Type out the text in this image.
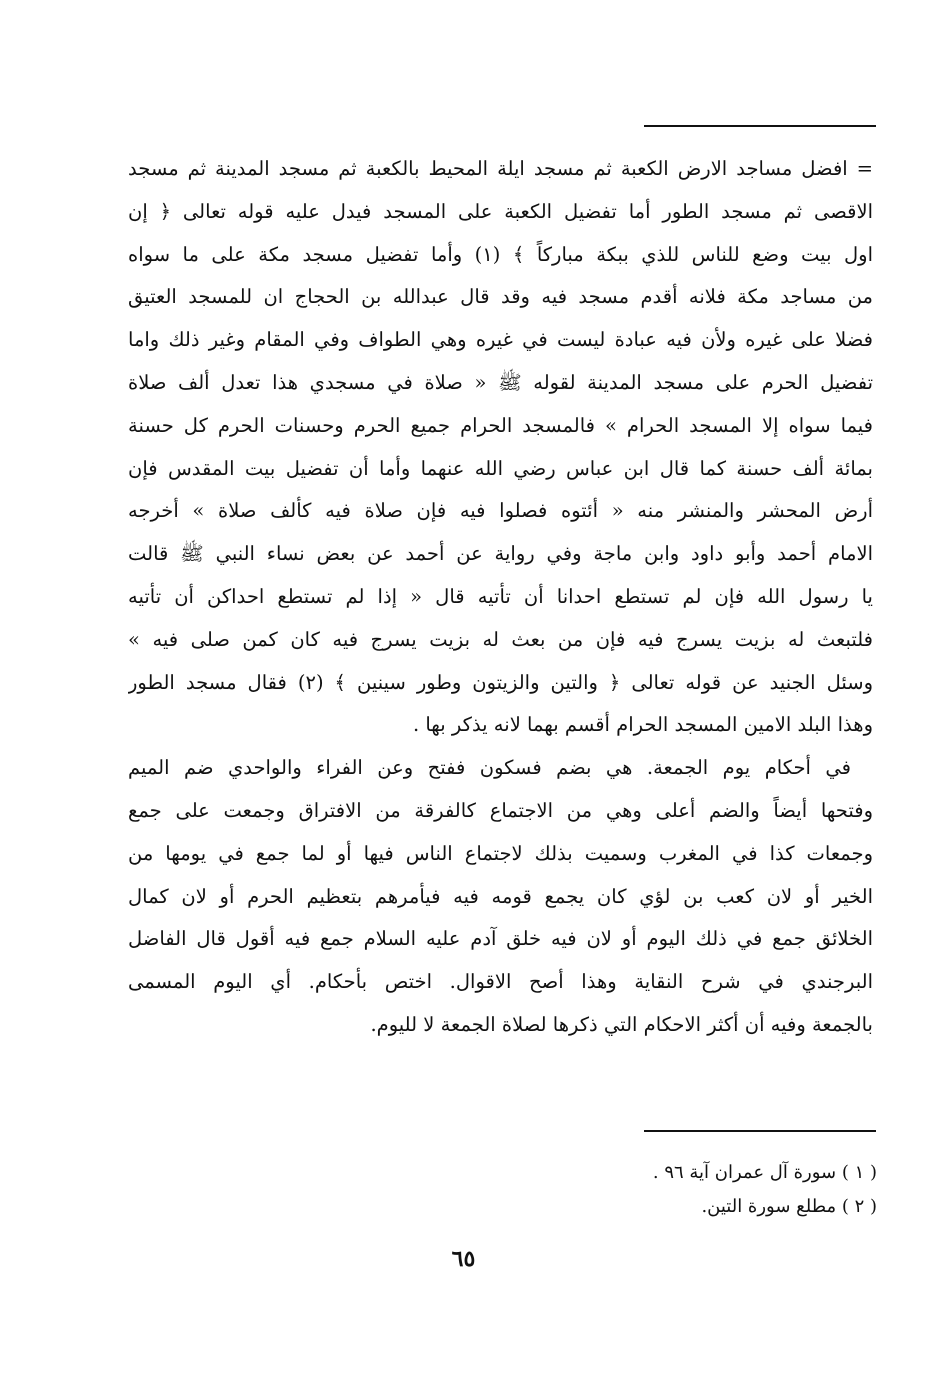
= افضل مساجد الارض الكعبة ثم مسجد ايلة المحيط بالكعبة ثم مسجد المدينة ثم مسجد
الاقصى ثم مسجد الطور أما تفضيل الكعبة على المسجد فيدل عليه قوله تعالى ﴿ إن
اول بيت وضع للناس للذي ببكة مباركاً ﴾ (١) وأما تفضيل مسجد مكة على ما سواه
من مساجد مكة فلانه أقدم مسجد فيه وقد قال عبدالله بن الحجاج ان للمسجد العتيق
فضلا على غيره ولأن فيه عبادة ليست في غيره وهي الطواف وفي المقام وغير ذلك واما
تفضيل الحرم على مسجد المدينة لقوله ﷺ « صلاة في مسجدي هذا تعدل ألف صلاة
فيما سواه إلا المسجد الحرام » فالمسجد الحرام جميع الحرم وحسنات الحرم كل حسنة
بمائة ألف حسنة كما قال ابن عباس رضي الله عنهما وأما أن تفضيل بيت المقدس فإن
أرض المحشر والمنشر منه « أئتوه فصلوا فيه فإن صلاة فيه كألف صلاة » أخرجه
الامام أحمد وأبو داود وابن ماجة وفي رواية عن أحمد عن بعض نساء النبي ﷺ قالت
يا رسول الله فإن لم تستطع احدانا أن تأتيه قال « إذا لم تستطع احداكن أن تأتيه
فلتبعث له بزيت يسرج فيه فإن من بعث له بزيت يسرج فيه كان كمن صلى فيه »
وسئل الجنيد عن قوله تعالى ﴿ والتين والزيتون وطور سينين ﴾ (٢) فقال مسجد الطور
وهذا البلد الامين المسجد الحرام أقسم بهما لانه يذكر بها .
في أحكام يوم الجمعة. هي بضم فسكون ففتح وعن الفراء والواحدي ضم الميم
وفتحها أيضاً والضم أعلى وهي من الاجتماع كالفرقة من الافتراق وجمعت على جمع
وجمعات كذا في المغرب وسميت بذلك لاجتماع الناس فيها أو لما جمع في يومها من
الخير أو لان كعب بن لؤي كان يجمع قومه فيه فيأمرهم بتعظيم الحرم أو لان كمال
الخلائق جمع في ذلك اليوم أو لان فيه خلق آدم عليه السلام جمع فيه أقول قال الفاضل
البرجندي في شرح النقاية وهذا أصح الاقوال. اختص بأحكام. أي اليوم المسمى
بالجمعة وفيه أن أكثر الاحكام التي ذكرها لصلاة الجمعة لا لليوم.
( ١ ) سورة آل عمران آية ٩٦ .
( ٢ ) مطلع سورة التين.
٦٥
